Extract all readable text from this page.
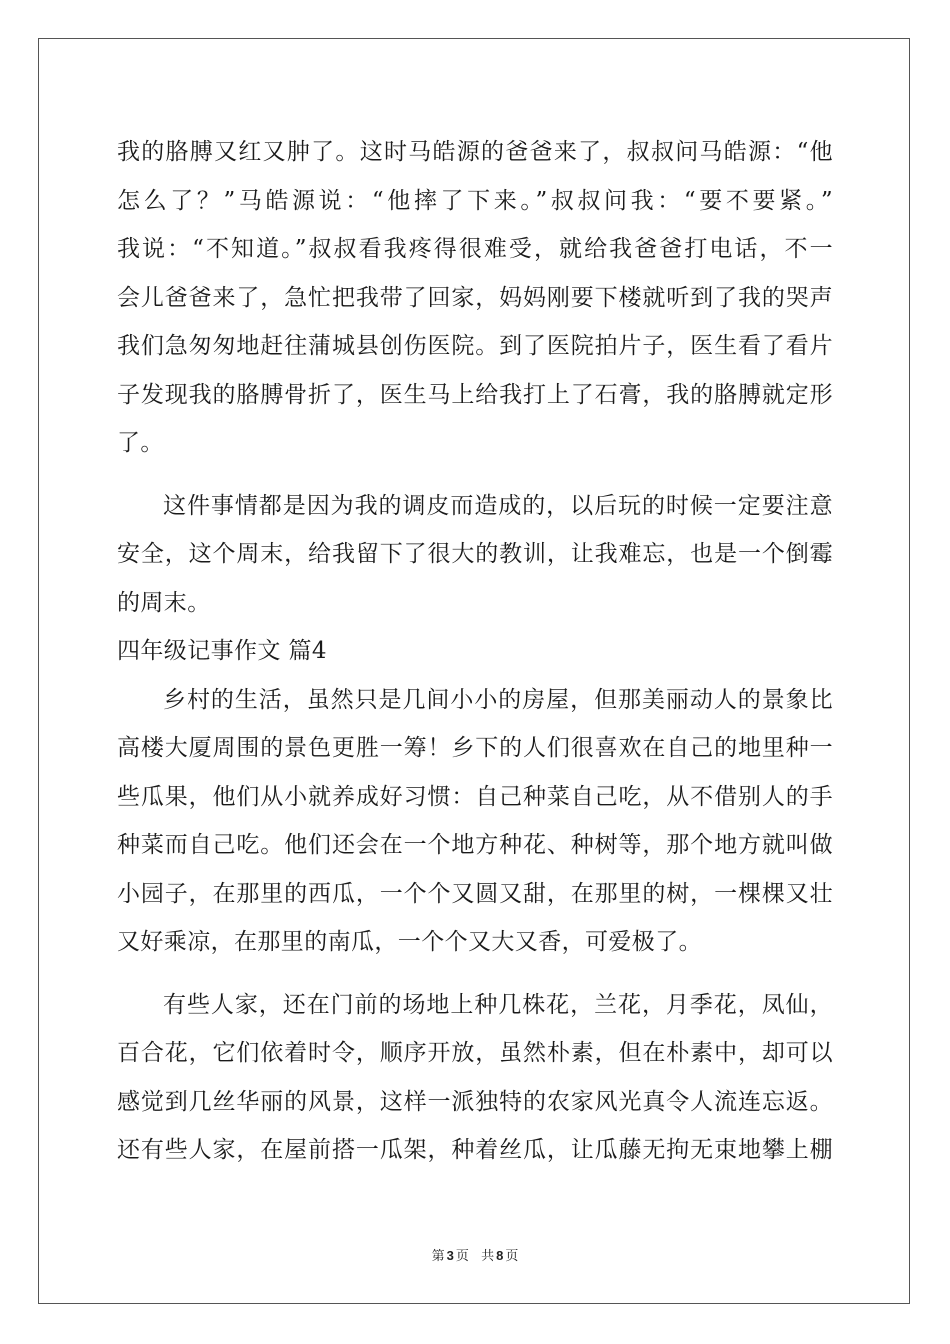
我的胳膊又红又肿了。这时马皓源的爸爸来了，叔叔问马皓源：“他
怎么了？”马皓源说：“他摔了下来。”叔叔问我：“要不要紧。”
我说：“不知道。”叔叔看我疼得很难受，就给我爸爸打电话，不一
会儿爸爸来了，急忙把我带了回家，妈妈刚要下楼就听到了我的哭声
我们急匆匆地赶往蒲城县创伤医院。到了医院拍片子，医生看了看片
子发现我的胳膊骨折了，医生马上给我打上了石膏，我的胳膊就定形
了。
这件事情都是因为我的调皮而造成的，以后玩的时候一定要注意
安全，这个周末，给我留下了很大的教训，让我难忘，也是一个倒霉
的周末。
四年级记事作文 篇4
乡村的生活，虽然只是几间小小的房屋，但那美丽动人的景象比
高楼大厦周围的景色更胜一筹！乡下的人们很喜欢在自己的地里种一
些瓜果，他们从小就养成好习惯：自己种菜自己吃，从不借别人的手
种菜而自己吃。他们还会在一个地方种花、种树等，那个地方就叫做
小园子，在那里的西瓜，一个个又圆又甜，在那里的树，一棵棵又壮
又好乘凉，在那里的南瓜，一个个又大又香，可爱极了。
有些人家，还在门前的场地上种几株花，兰花，月季花，凤仙，
百合花，它们依着时令，顺序开放，虽然朴素，但在朴素中，却可以
感觉到几丝华丽的风景，这样一派独特的农家风光真令人流连忘返。
还有些人家，在屋前搭一瓜架，种着丝瓜，让瓜藤无拘无束地攀上棚
第 3 页 共 8 页
